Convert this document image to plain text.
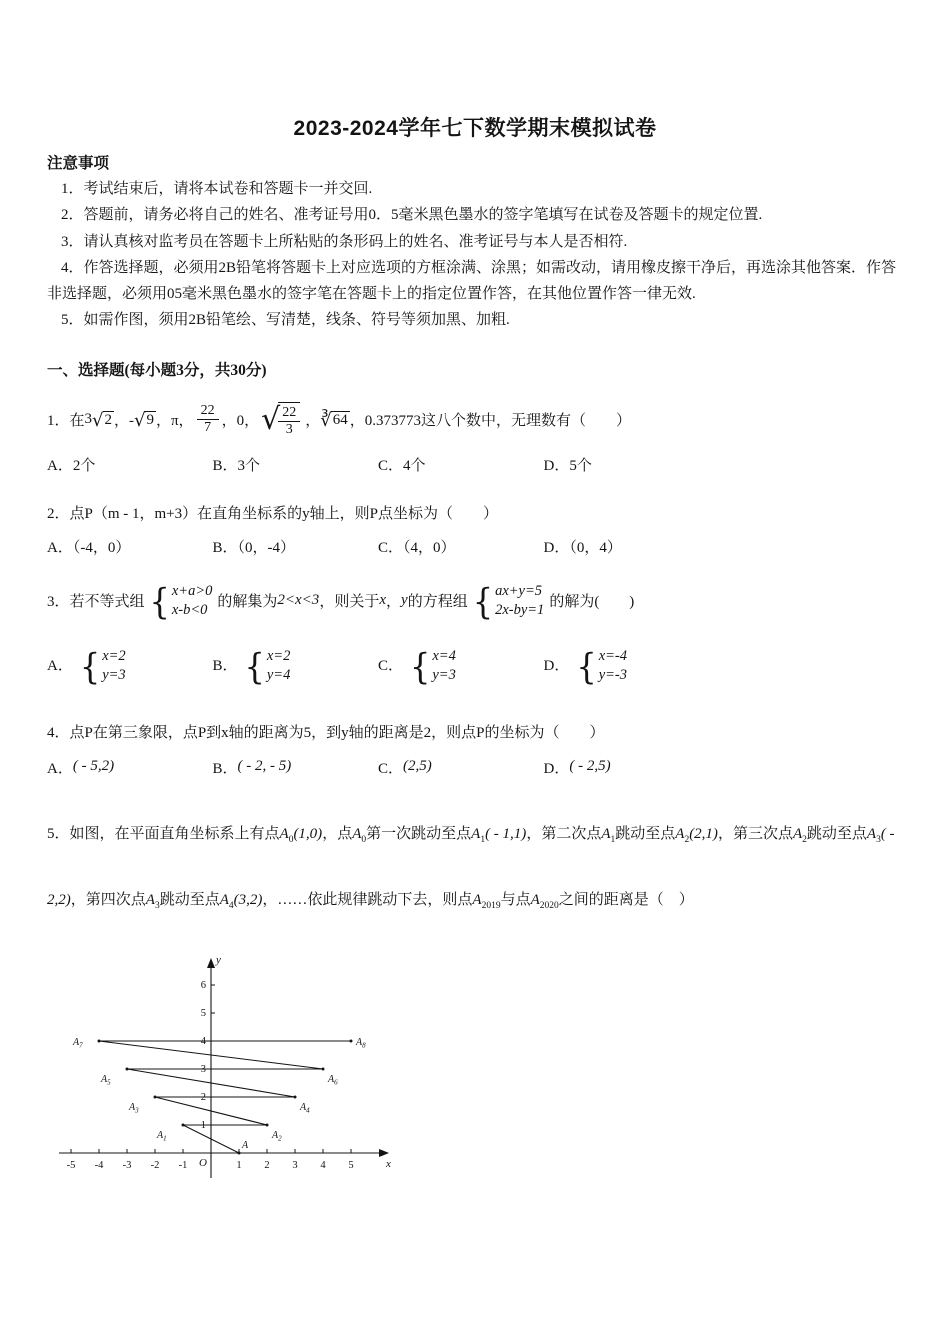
2023-2024学年七下数学期末模拟试卷

注意事项

1．考试结束后，请将本试卷和答题卡一并交回.

2．答题前，请务必将自己的姓名、准考证号用0．5毫米黑色墨水的签字笔填写在试卷及答题卡的规定位置.

3．请认真核对监考员在答题卡上所粘贴的条形码上的姓名、准考证号与本人是否相符.

4．作答选择题，必须用2B铅笔将答题卡上对应选项的方框涂满、涂黑；如需改动，请用橡皮擦干净后，再选涂其他答案．作答非选择题，必须用05毫米黑色墨水的签字笔在答题卡上的指定位置作答，在其他位置作答一律无效.

5．如需作图，须用2B铅笔绘、写清楚，线条、符号等须加黑、加粗.

一、选择题(每小题3分，共30分)

1．在 3 √ 2 ，- √ 9 ，π， $\frac{22}{7}$ ，0， √
$\frac{22}{3}$ ， ∛ 64 ，0.373773这八个数中，无理数有（　　）
A．2个	B．3个	C．4个	D．5个

2．点P（m - 1，m+3）在直角坐标系的y轴上，则P点坐标为（　　）

A．（-4，0）	B．（0，-4）	C．（4，0）	D．（0，4）
3．若不等式组 { x+a>0
x-b<0 的解集为 2<x<3 ，则关于 x ， y 的方程组 { ax+y=5
2x-by=1 的解为(　　)
A． { x=2
y=3
B． { x=2
y=4
C． { x=4
y=3
D． { x=-4
y=-3

4．点P在第三象限，点P到x轴的距离为5，到y轴的距离是2，则点P的坐标为（　　）

A．( - 5,2)	B．( - 2, - 5)	C．(2,5)	D．( - 2,5)

5．如图，在平面直角坐标系上有点$A_0(1,0)$，点$A_0$第一次跳动至点$A_1( - 1,1)$，第二次点$A_1$跳动至点$A_2(2,1)$，第三次点$A_2$跳动至点$A_3( - 2,2)$，第四次点$A_3$跳动至点$A_4(3,2)$，……依此规律跳动下去，则点$A_{2019}$与点$A_{2020}$之间的距离是（　）

-5 -4 -3 -2 -1	1 2 3 4 5
6
5
4
3
2
1
x
y
O
$A_7$
$A_5$
$A_3$
$A_1$
A
$A_2$
$A_4$
$A_6$
$A_8$
